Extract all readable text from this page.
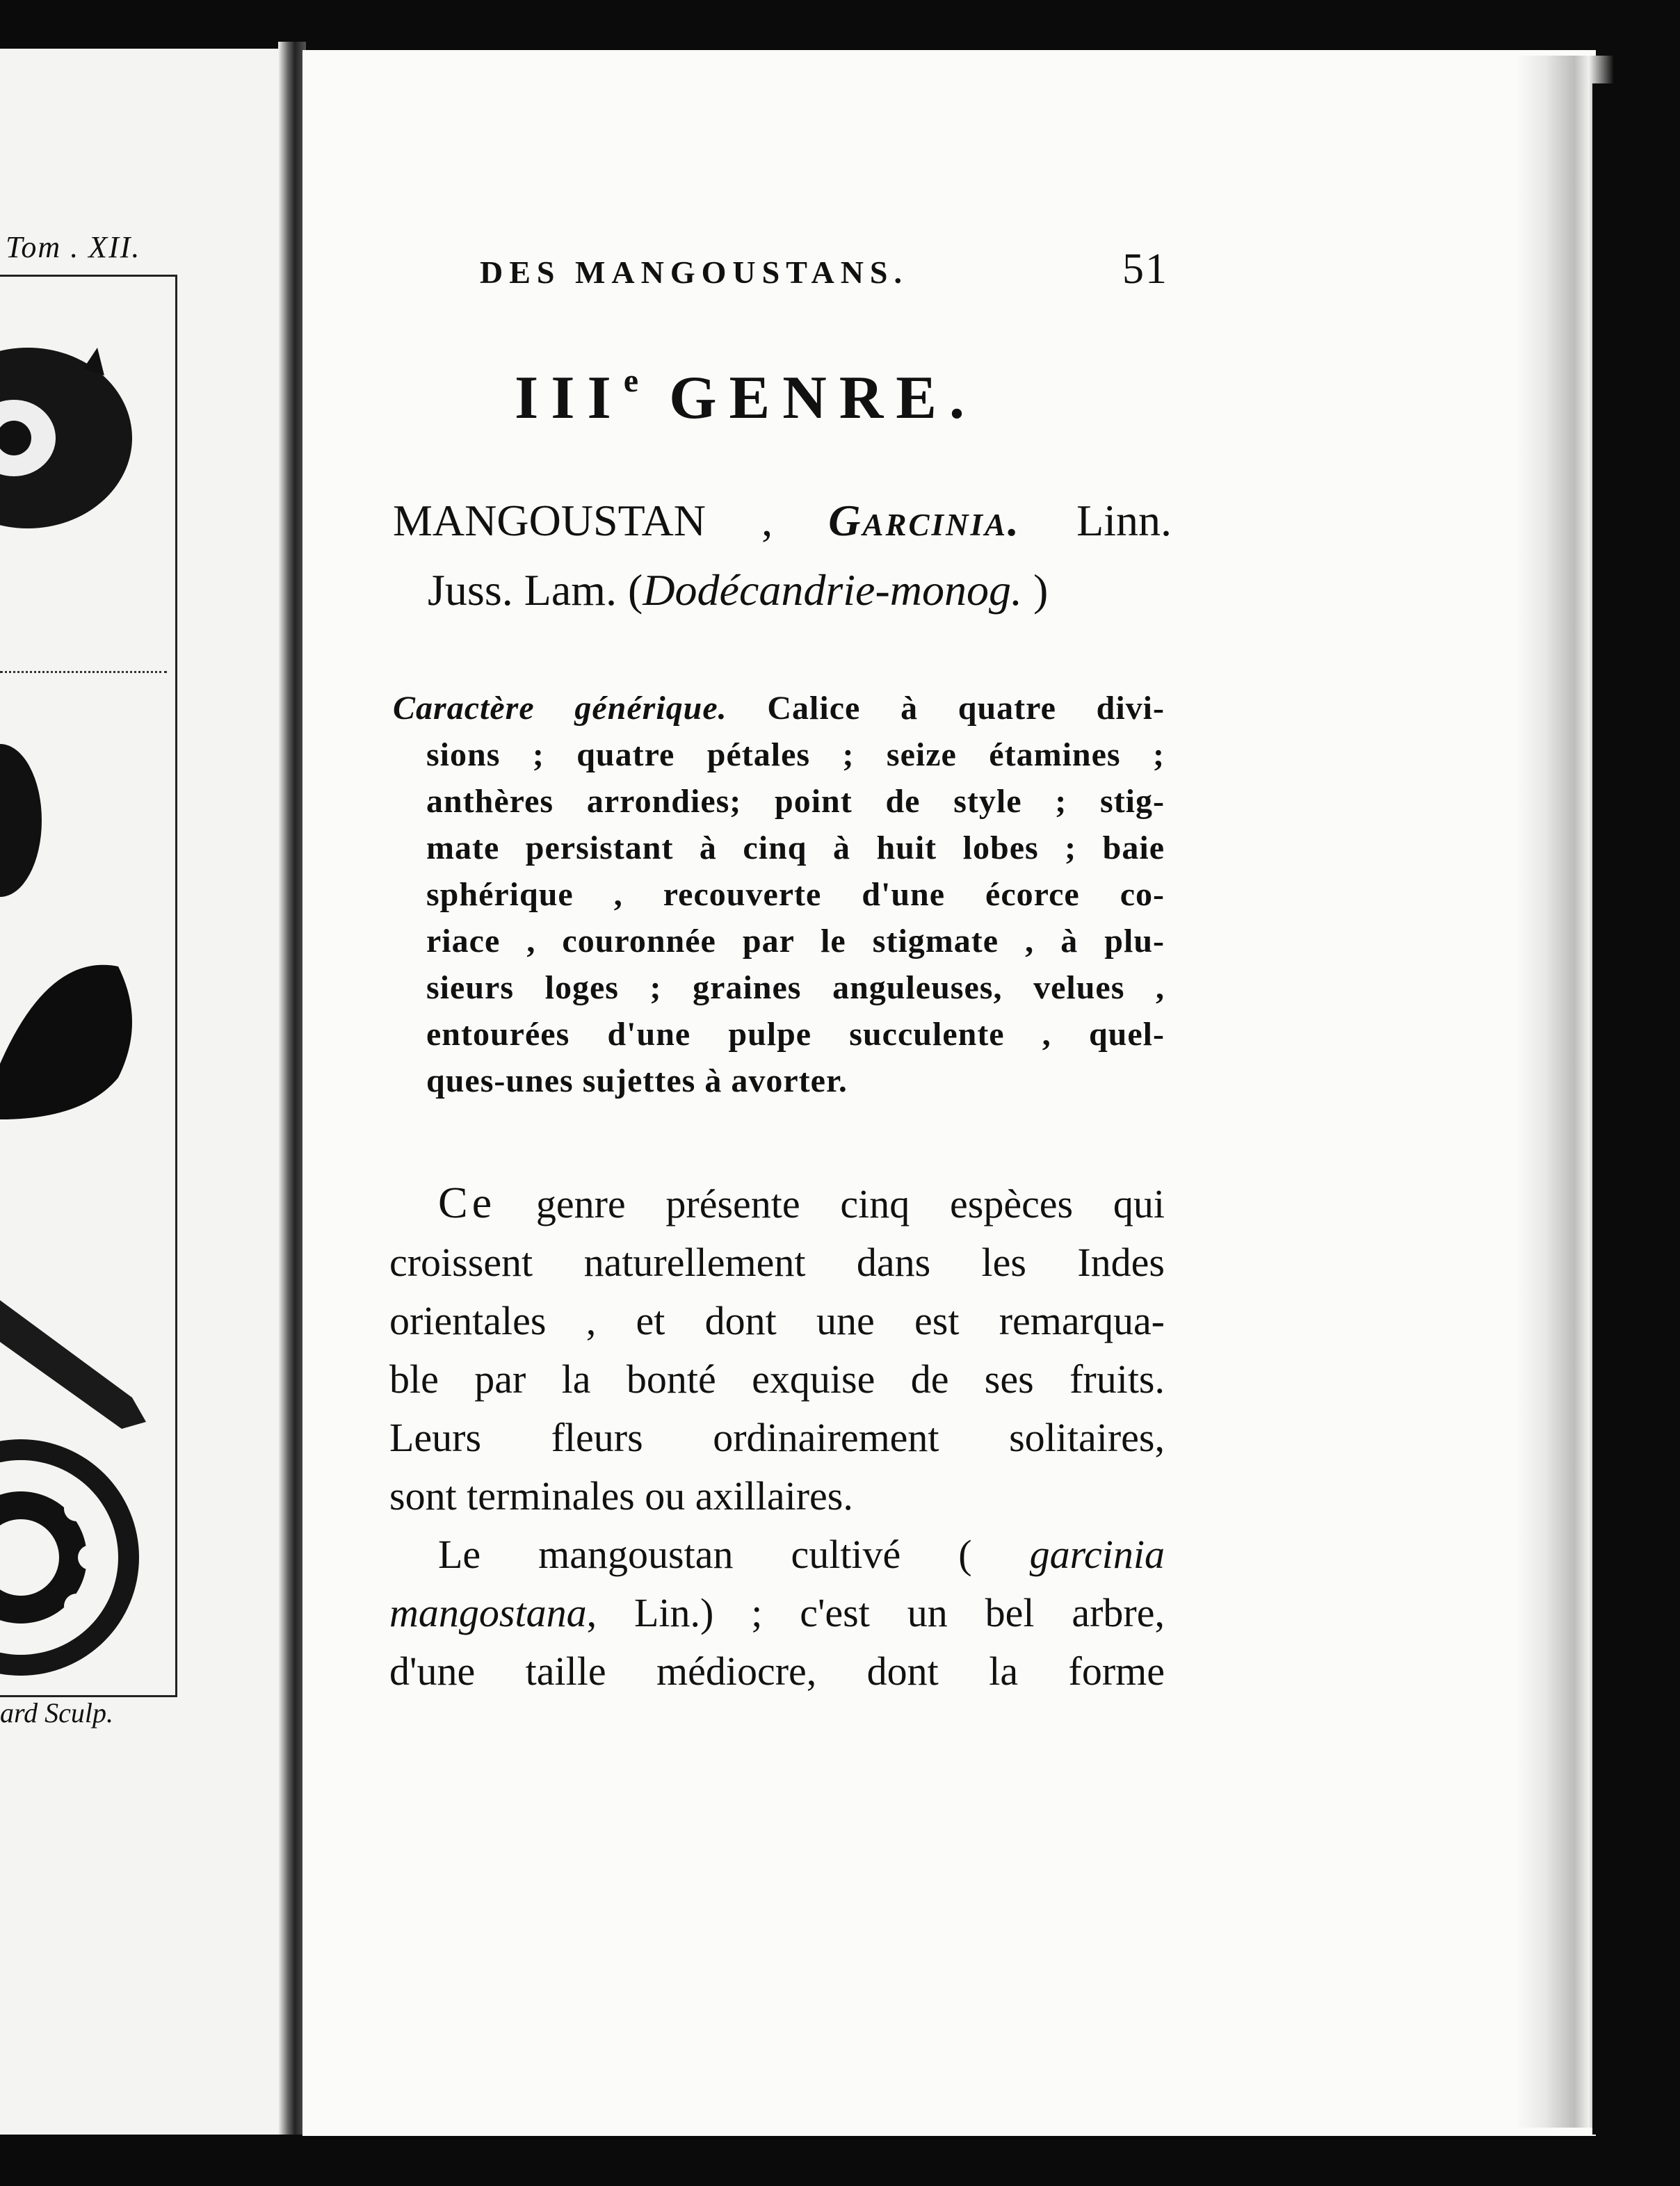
Tom . XII.
ard Sculp.
DES MANGOUSTANS.	51
IIIe GENRE.
MANGOUSTAN , Garcinia. Linn.
Juss. Lam. (Dodécandrie-monog. )
Caractère générique. Calice à quatre divi-
sions ; quatre pétales ; seize étamines ;
anthères arrondies; point de style ; stig-
mate persistant à cinq à huit lobes ; baie
sphérique , recouverte d'une écorce co-
riace , couronnée par le stigmate , à plu-
sieurs loges ; graines anguleuses, velues ,
entourées d'une pulpe succulente , quel-
ques-unes sujettes à avorter.
Ce genre présente cinq espèces qui
croissent naturellement dans les Indes
orientales , et dont une est remarqua-
ble par la bonté exquise de ses fruits.
Leurs fleurs ordinairement solitaires,
sont terminales ou axillaires.
Le mangoustan cultivé ( garcinia
mangostana, Lin.) ; c'est un bel arbre,
d'une taille médiocre, dont la forme
